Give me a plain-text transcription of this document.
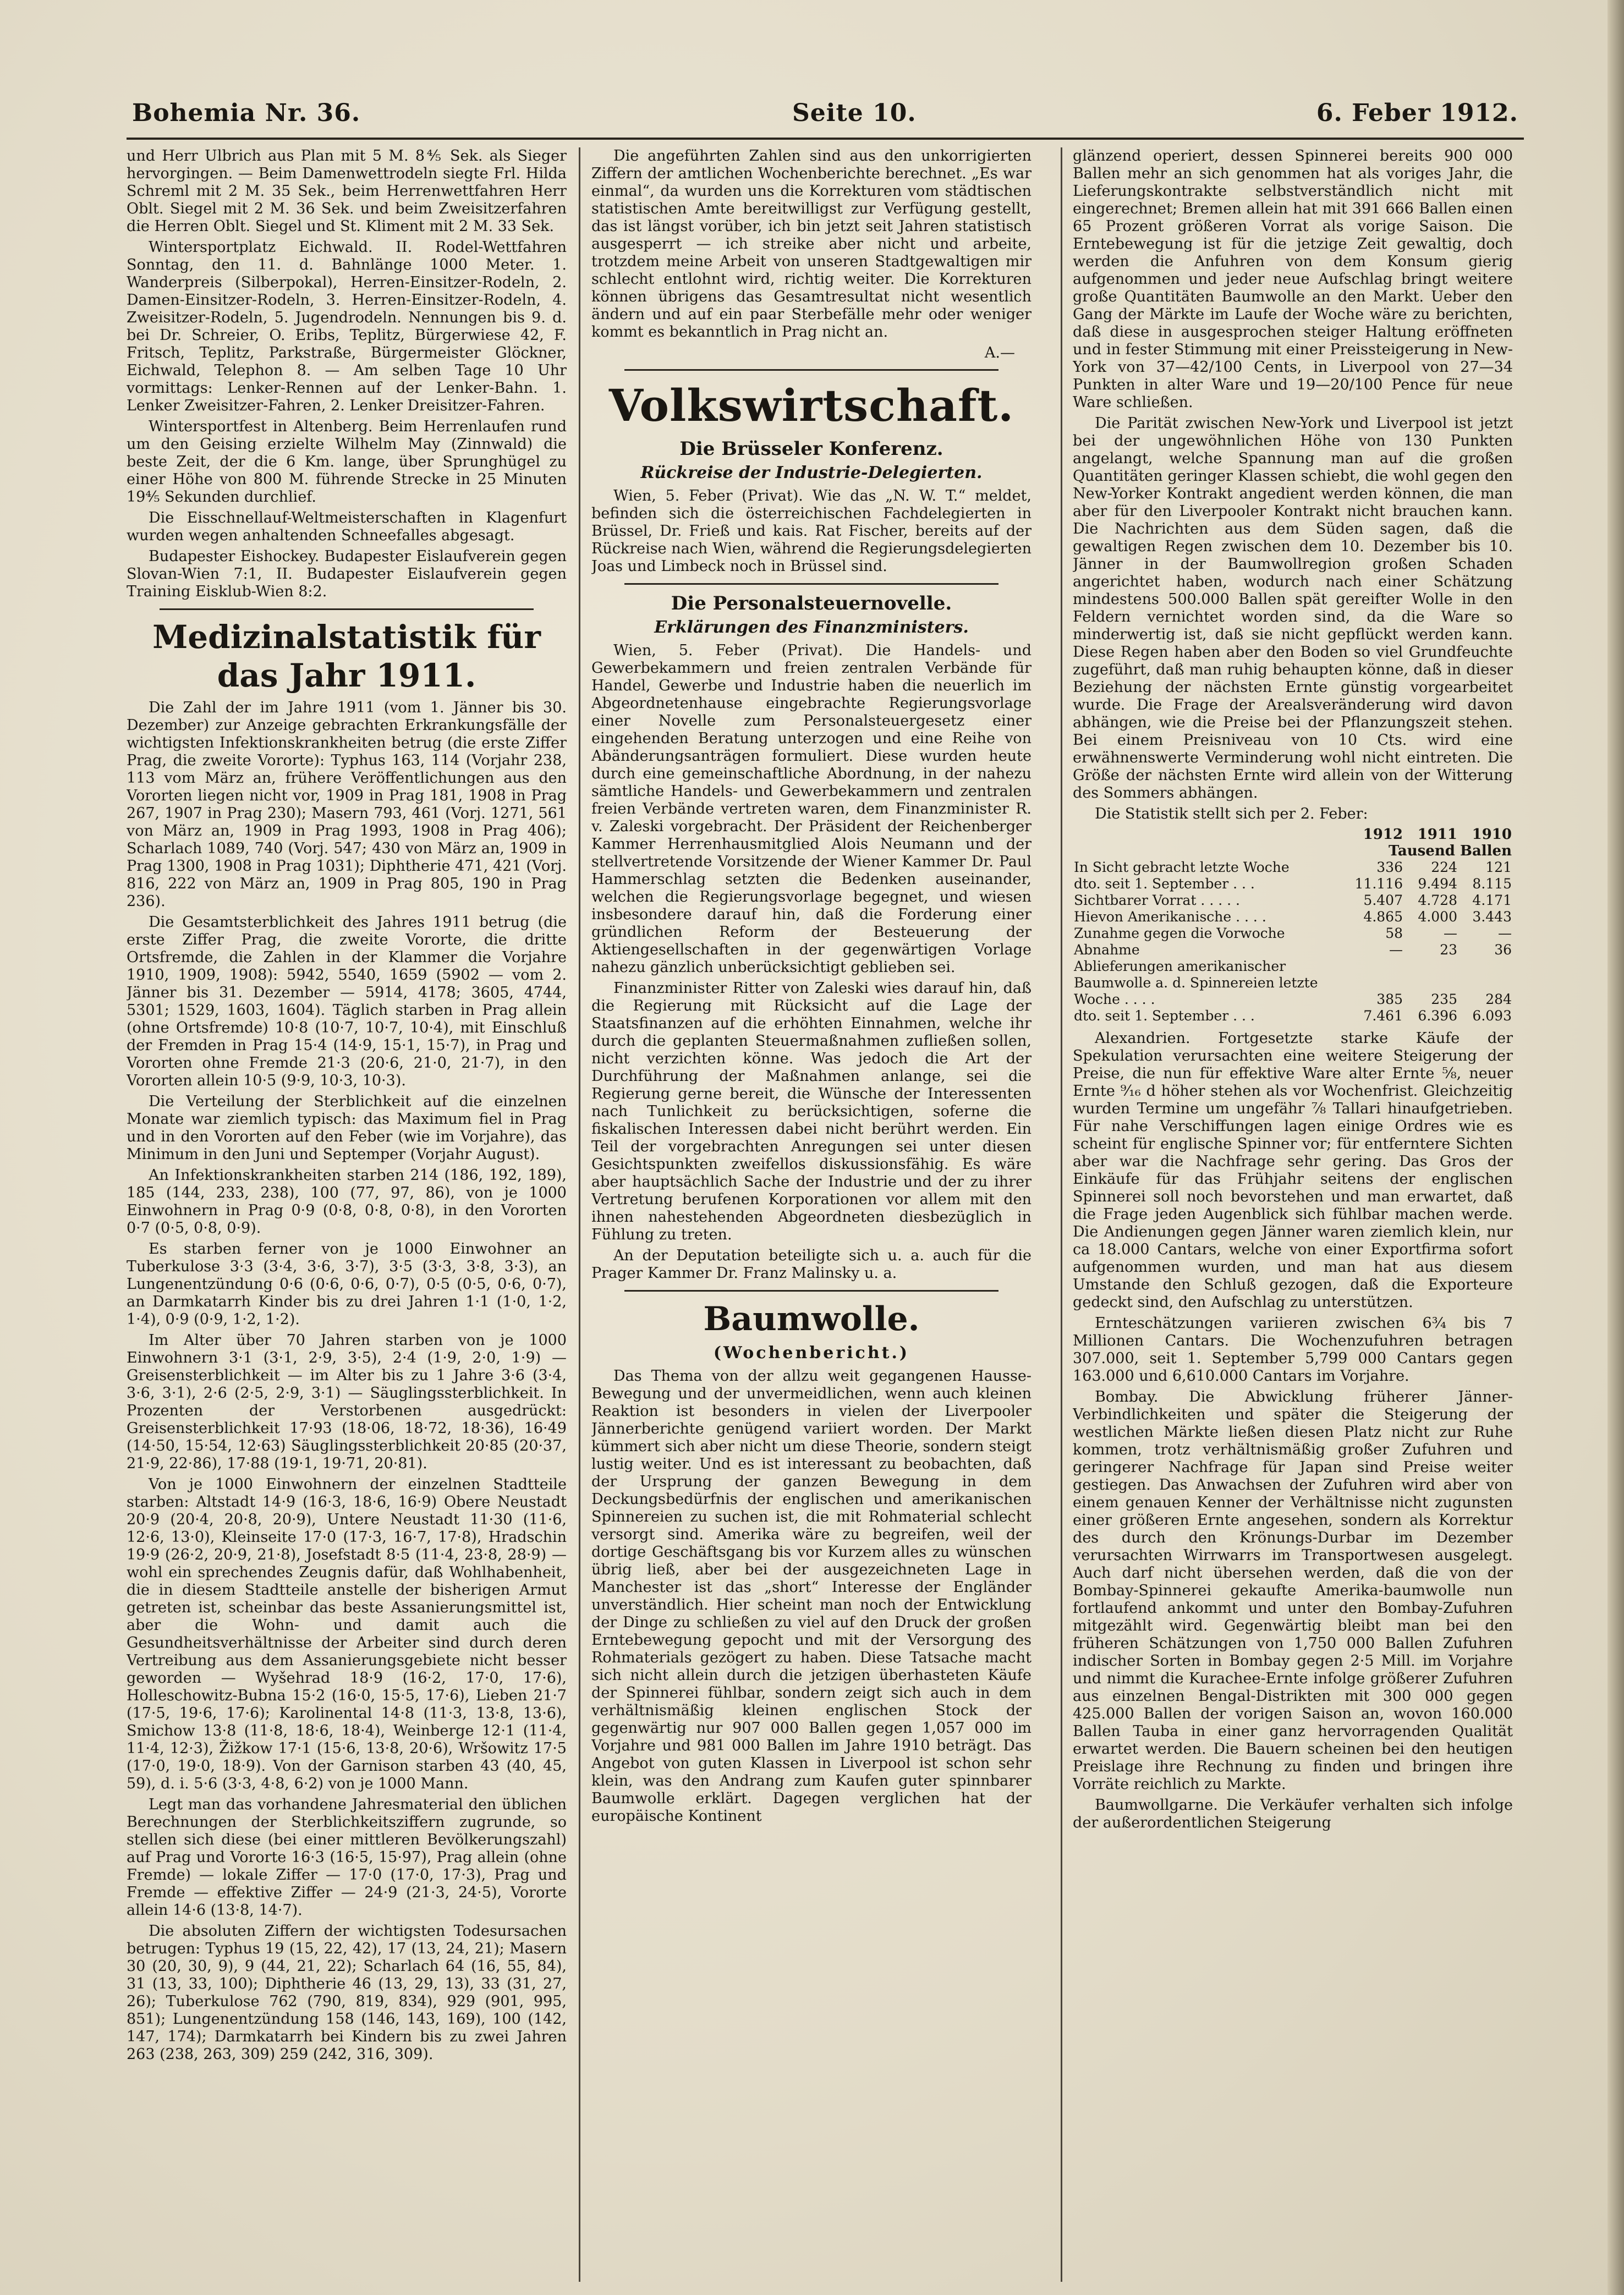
Bohemia Nr. 36.	Seite 10.	6. Feber 1912.

und Herr Ulbrich aus Plan mit 5 M. 8⅘ Sek. als Sieger hervorgingen. — Beim Damenwettrodeln siegte Frl. Hilda Schreml mit 2 M. 35 Sek., beim Herrenwettfahren Herr Oblt. Siegel mit 2 M. 36 Sek. und beim Zweisitzerfahren die Herren Oblt. Siegel und St. Kliment mit 2 M. 33 Sek.

Wintersportplatz Eichwald. II. Rodel-Wettfahren Sonntag, den 11. d. Bahnlänge 1000 Meter. 1. Wanderpreis (Silberpokal), Herren-Einsitzer-Rodeln, 2. Damen-Einsitzer-Rodeln, 3. Herren-Einsitzer-Rodeln, 4. Zweisitzer-Rodeln, 5. Jugendrodeln. Nennungen bis 9. d. bei Dr. Schreier, O. Eribs, Teplitz, Bürgerwiese 42, F. Fritsch, Teplitz, Parkstraße, Bürgermeister Glöckner, Eichwald, Telephon 8. — Am selben Tage 10 Uhr vormittags: Lenker-Rennen auf der Lenker-Bahn. 1. Lenker Zweisitzer-Fahren, 2. Lenker Dreisitzer-Fahren.

Wintersportfest in Altenberg. Beim Herrenlaufen rund um den Geising erzielte Wilhelm May (Zinnwald) die beste Zeit, der die 6 Km. lange, über Sprunghügel zu einer Höhe von 800 M. führende Strecke in 25 Minuten 19⅘ Sekunden durchlief.

Die Eisschnellauf-Weltmeisterschaften in Klagenfurt wurden wegen anhaltenden Schneefalles abgesagt.

Budapester Eishockey. Budapester Eislaufverein gegen Slovan-Wien 7:1, II. Budapester Eislaufverein gegen Training Eisklub-Wien 8:2.

Medizinalstatistik für das Jahr 1911.

Die Zahl der im Jahre 1911 (vom 1. Jänner bis 30. Dezember) zur Anzeige gebrachten Erkrankungsfälle der wichtigsten Infektionskrankheiten betrug (die erste Ziffer Prag, die zweite Vororte): Typhus 163, 114 (Vorjahr 238, 113 vom März an, frühere Veröffentlichungen aus den Vororten liegen nicht vor, 1909 in Prag 181, 1908 in Prag 267, 1907 in Prag 230); Masern 793, 461 (Vorj. 1271, 561 von März an, 1909 in Prag 1993, 1908 in Prag 406); Scharlach 1089, 740 (Vorj. 547; 430 von März an, 1909 in Prag 1300, 1908 in Prag 1031); Diphtherie 471, 421 (Vorj. 816, 222 von März an, 1909 in Prag 805, 190 in Prag 236).

Die Gesamtsterblichkeit des Jahres 1911 betrug (die erste Ziffer Prag, die zweite Vororte, die dritte Ortsfremde, die Zahlen in der Klammer die Vorjahre 1910, 1909, 1908): 5942, 5540, 1659 (5902 — vom 2. Jänner bis 31. Dezember — 5914, 4178; 3605, 4744, 5301; 1529, 1603, 1604). Täglich starben in Prag allein (ohne Ortsfremde) 10·8 (10·7, 10·7, 10·4), mit Einschluß der Fremden in Prag 15·4 (14·9, 15·1, 15·7), in Prag und Vororten ohne Fremde 21·3 (20·6, 21·0, 21·7), in den Vororten allein 10·5 (9·9, 10·3, 10·3).

Die Verteilung der Sterblichkeit auf die einzelnen Monate war ziemlich typisch: das Maximum fiel in Prag und in den Vororten auf den Feber (wie im Vorjahre), das Minimum in den Juni und Septemper (Vorjahr August).

An Infektionskrankheiten starben 214 (186, 192, 189), 185 (144, 233, 238), 100 (77, 97, 86), von je 1000 Einwohnern in Prag 0·9 (0·8, 0·8, 0·8), in den Vororten 0·7 (0·5, 0·8, 0·9).

Es starben ferner von je 1000 Einwohner an Tuberkulose 3·3 (3·4, 3·6, 3·7), 3·5 (3·3, 3·8, 3·3), an Lungenentzündung 0·6 (0·6, 0·6, 0·7), 0·5 (0·5, 0·6, 0·7), an Darmkatarrh Kinder bis zu drei Jahren 1·1 (1·0, 1·2, 1·4), 0·9 (0·9, 1·2, 1·2).

Im Alter über 70 Jahren starben von je 1000 Einwohnern 3·1 (3·1, 2·9, 3·5), 2·4 (1·9, 2·0, 1·9) — Greisensterblichkeit — im Alter bis zu 1 Jahre 3·6 (3·4, 3·6, 3·1), 2·6 (2·5, 2·9, 3·1) — Säuglingssterblichkeit. In Prozenten der Verstorbenen ausgedrückt: Greisensterblichkeit 17·93 (18·06, 18·72, 18·36), 16·49 (14·50, 15·54, 12·63) Säuglingssterblichkeit 20·85 (20·37, 21·9, 22·86), 17·88 (19·1, 19·71, 20·81).

Von je 1000 Einwohnern der einzelnen Stadtteile starben: Altstadt 14·9 (16·3, 18·6, 16·9) Obere Neustadt 20·9 (20·4, 20·8, 20·9), Untere Neustadt 11·30 (11·6, 12·6, 13·0), Kleinseite 17·0 (17·3, 16·7, 17·8), Hradschin 19·9 (26·2, 20·9, 21·8), Josefstadt 8·5 (11·4, 23·8, 28·9) — wohl ein sprechendes Zeugnis dafür, daß Wohlhabenheit, die in diesem Stadtteile anstelle der bisherigen Armut getreten ist, scheinbar das beste Assanierungsmittel ist, aber die Wohn- und damit auch die Gesundheitsverhältnisse der Arbeiter sind durch deren Vertreibung aus dem Assanierungsgebiete nicht besser geworden — Wyšehrad 18·9 (16·2, 17·0, 17·6), Holleschowitz-Bubna 15·2 (16·0, 15·5, 17·6), Lieben 21·7 (17·5, 19·6, 17·6); Karolinental 14·8 (11·3, 13·8, 13·6), Smichow 13·8 (11·8, 18·6, 18·4), Weinberge 12·1 (11·4, 11·4, 12·3), Žižkow 17·1 (15·6, 13·8, 20·6), Wršowitz 17·5 (17·0, 19·0, 18·9). Von der Garnison starben 43 (40, 45, 59), d. i. 5·6 (3·3, 4·8, 6·2) von je 1000 Mann.

Legt man das vorhandene Jahresmaterial den üblichen Berechnungen der Sterblichkeitsziffern zugrunde, so stellen sich diese (bei einer mittleren Bevölkerungszahl) auf Prag und Vororte 16·3 (16·5, 15·97), Prag allein (ohne Fremde) — lokale Ziffer — 17·0 (17·0, 17·3), Prag und Fremde — effektive Ziffer — 24·9 (21·3, 24·5), Vororte allein 14·6 (13·8, 14·7).

Die absoluten Ziffern der wichtigsten Todesursachen betrugen: Typhus 19 (15, 22, 42), 17 (13, 24, 21); Masern 30 (20, 30, 9), 9 (44, 21, 22); Scharlach 64 (16, 55, 84), 31 (13, 33, 100); Diphtherie 46 (13, 29, 13), 33 (31, 27, 26); Tuberkulose 762 (790, 819, 834), 929 (901, 995, 851); Lungenentzündung 158 (146, 143, 169), 100 (142, 147, 174); Darmkatarrh bei Kindern bis zu zwei Jahren 263 (238, 263, 309) 259 (242, 316, 309).

Die angeführten Zahlen sind aus den unkorrigierten Ziffern der amtlichen Wochenberichte berechnet. „Es war einmal“, da wurden uns die Korrekturen vom städtischen statistischen Amte bereitwilligst zur Verfügung gestellt, das ist längst vorüber, ich bin jetzt seit Jahren statistisch ausgesperrt — ich streike aber nicht und arbeite, trotzdem meine Arbeit von unseren Stadtgewaltigen mir schlecht entlohnt wird, richtig weiter. Die Korrekturen können übrigens das Gesamtresultat nicht wesentlich ändern und auf ein paar Sterbefälle mehr oder weniger kommt es bekanntlich in Prag nicht an.

A.—
Volkswirtschaft.
Die Brüsseler Konferenz.
Rückreise der Industrie-Delegierten.

Wien, 5. Feber (Privat). Wie das „N. W. T.“ meldet, befinden sich die österreichischen Fachdelegierten in Brüssel, Dr. Frieß und kais. Rat Fischer, bereits auf der Rückreise nach Wien, während die Regierungsdelegierten Joas und Limbeck noch in Brüssel sind.

Die Personalsteuernovelle.
Erklärungen des Finanzministers.

Wien, 5. Feber (Privat). Die Handels- und Gewerbekammern und freien zentralen Verbände für Handel, Gewerbe und Industrie haben die neuerlich im Abgeordnetenhause eingebrachte Regierungsvorlage einer Novelle zum Personalsteuergesetz einer eingehenden Beratung unterzogen und eine Reihe von Abänderungsanträgen formuliert. Diese wurden heute durch eine gemeinschaftliche Abordnung, in der nahezu sämtliche Handels- und Gewerbekammern und zentralen freien Verbände vertreten waren, dem Finanzminister R. v. Zaleski vorgebracht. Der Präsident der Reichenberger Kammer Herrenhausmitglied Alois Neumann und der stellvertretende Vorsitzende der Wiener Kammer Dr. Paul Hammerschlag setzten die Bedenken auseinander, welchen die Regierungsvorlage begegnet, und wiesen insbesondere darauf hin, daß die Forderung einer gründlichen Reform der Besteuerung der Aktiengesellschaften in der gegenwärtigen Vorlage nahezu gänzlich unberücksichtigt geblieben sei.

Finanzminister Ritter von Zaleski wies darauf hin, daß die Regierung mit Rücksicht auf die Lage der Staatsfinanzen auf die erhöhten Einnahmen, welche ihr durch die geplanten Steuermaßnahmen zufließen sollen, nicht verzichten könne. Was jedoch die Art der Durchführung der Maßnahmen anlange, sei die Regierung gerne bereit, die Wünsche der Interessenten nach Tunlichkeit zu berücksichtigen, soferne die fiskalischen Interessen dabei nicht berührt werden. Ein Teil der vorgebrachten Anregungen sei unter diesen Gesichtspunkten zweifellos diskussionsfähig. Es wäre aber hauptsächlich Sache der Industrie und der zu ihrer Vertretung berufenen Korporationen vor allem mit den ihnen nahestehenden Abgeordneten diesbezüglich in Fühlung zu treten.

An der Deputation beteiligte sich u. a. auch für die Prager Kammer Dr. Franz Malinsky u. a.

Baumwolle.
(Wochenbericht.)

Das Thema von der allzu weit gegangenen Hausse-Bewegung und der unvermeidlichen, wenn auch kleinen Reaktion ist besonders in vielen der Liverpooler Jännerberichte genügend variiert worden. Der Markt kümmert sich aber nicht um diese Theorie, sondern steigt lustig weiter. Und es ist interessant zu beobachten, daß der Ursprung der ganzen Bewegung in dem Deckungsbedürfnis der englischen und amerikanischen Spinnereien zu suchen ist, die mit Rohmaterial schlecht versorgt sind. Amerika wäre zu begreifen, weil der dortige Geschäftsgang bis vor Kurzem alles zu wünschen übrig ließ, aber bei der ausgezeichneten Lage in Manchester ist das „short“ Interesse der Engländer unverständlich. Hier scheint man noch der Entwicklung der Dinge zu schließen zu viel auf den Druck der großen Erntebewegung gepocht und mit der Versorgung des Rohmaterials gezögert zu haben. Diese Tatsache macht sich nicht allein durch die jetzigen überhasteten Käufe der Spinnerei fühlbar, sondern zeigt sich auch in dem verhältnismäßig kleinen englischen Stock der gegenwärtig nur 907 000 Ballen gegen 1,057 000 im Vorjahre und 981 000 Ballen im Jahre 1910 beträgt. Das Angebot von guten Klassen in Liverpool ist schon sehr klein, was den Andrang zum Kaufen guter spinnbarer Baumwolle erklärt. Dagegen verglichen hat der europäische Kontinent

glänzend operiert, dessen Spinnerei bereits 900 000 Ballen mehr an sich genommen hat als voriges Jahr, die Lieferungskontrakte selbstverständlich nicht mit eingerechnet; Bremen allein hat mit 391 666 Ballen einen 65 Prozent größeren Vorrat als vorige Saison. Die Erntebewegung ist für die jetzige Zeit gewaltig, doch werden die Anfuhren von dem Konsum gierig aufgenommen und jeder neue Aufschlag bringt weitere große Quantitäten Baumwolle an den Markt. Ueber den Gang der Märkte im Laufe der Woche wäre zu berichten, daß diese in ausgesprochen steiger Haltung eröffneten und in fester Stimmung mit einer Preissteigerung in New-York von 37—42/100 Cents, in Liverpool von 27—34 Punkten in alter Ware und 19—20/100 Pence für neue Ware schließen.

Die Parität zwischen New-York und Liverpool ist jetzt bei der ungewöhnlichen Höhe von 130 Punkten angelangt, welche Spannung man auf die großen Quantitäten geringer Klassen schiebt, die wohl gegen den New-Yorker Kontrakt angedient werden können, die man aber für den Liverpooler Kontrakt nicht brauchen kann. Die Nachrichten aus dem Süden sagen, daß die gewaltigen Regen zwischen dem 10. Dezember bis 10. Jänner in der Baumwollregion großen Schaden angerichtet haben, wodurch nach einer Schätzung mindestens 500.000 Ballen spät gereifter Wolle in den Feldern vernichtet worden sind, da die Ware so minderwertig ist, daß sie nicht gepflückt werden kann. Diese Regen haben aber den Boden so viel Grundfeuchte zugeführt, daß man ruhig behaupten könne, daß in dieser Beziehung der nächsten Ernte günstig vorgearbeitet wurde. Die Frage der Arealsveränderung wird davon abhängen, wie die Preise bei der Pflanzungszeit stehen. Bei einem Preisniveau von 10 Cts. wird eine erwähnenswerte Verminderung wohl nicht eintreten. Die Größe der nächsten Ernte wird allein von der Witterung des Sommers abhängen.

Die Statistik stellt sich per 2. Feber:

	1912	1911	1910
Tausend Ballen			
In Sicht gebracht letzte Woche	336	224	121
dto. seit 1. September . . .	11.116	9.494	8.115
Sichtbarer Vorrat . . . . .	5.407	4.728	4.171
Hievon Amerikanische . . . .	4.865	4.000	3.443
Zunahme gegen die Vorwoche	58	—	—
Abnahme	—	23	36
Ablieferungen amerikanischer Baumwolle a. d. Spinnereien letzte Woche . . . .	385	235	284
dto. seit 1. September . . .	7.461	6.396	6.093

Alexandrien. Fortgesetzte starke Käufe der Spekulation verursachten eine weitere Steigerung der Preise, die nun für effektive Ware alter Ernte ⅝, neuer Ernte ⁹⁄₁₆ d höher stehen als vor Wochenfrist. Gleichzeitig wurden Termine um ungefähr ⅞ Tallari hinaufgetrieben. Für nahe Verschiffungen lagen einige Ordres wie es scheint für englische Spinner vor; für entferntere Sichten aber war die Nachfrage sehr gering. Das Gros der Einkäufe für das Frühjahr seitens der englischen Spinnerei soll noch bevorstehen und man erwartet, daß die Frage jeden Augenblick sich fühlbar machen werde. Die Andienungen gegen Jänner waren ziemlich klein, nur ca 18.000 Cantars, welche von einer Exportfirma sofort aufgenommen wurden, und man hat aus diesem Umstande den Schluß gezogen, daß die Exporteure gedeckt sind, den Aufschlag zu unterstützen.

Ernteschätzungen variieren zwischen 6¾ bis 7 Millionen Cantars. Die Wochenzufuhren betragen 307.000, seit 1. September 5,799 000 Cantars gegen 163.000 und 6,610.000 Cantars im Vorjahre.

Bombay. Die Abwicklung früherer Jänner-Verbindlichkeiten und später die Steigerung der westlichen Märkte ließen diesen Platz nicht zur Ruhe kommen, trotz verhältnismäßig großer Zufuhren und geringerer Nachfrage für Japan sind Preise weiter gestiegen. Das Anwachsen der Zufuhren wird aber von einem genauen Kenner der Verhältnisse nicht zugunsten einer größeren Ernte angesehen, sondern als Korrektur des durch den Krönungs-Durbar im Dezember verursachten Wirrwarrs im Transportwesen ausgelegt. Auch darf nicht übersehen werden, daß die von der Bombay-Spinnerei gekaufte Amerika-baumwolle nun fortlaufend ankommt und unter den Bombay-Zufuhren mitgezählt wird. Gegenwärtig bleibt man bei den früheren Schätzungen von 1,750 000 Ballen Zufuhren indischer Sorten in Bombay gegen 2·5 Mill. im Vorjahre und nimmt die Kurachee-Ernte infolge größerer Zufuhren aus einzelnen Bengal-Distrikten mit 300 000 gegen 425.000 Ballen der vorigen Saison an, wovon 160.000 Ballen Tauba in einer ganz hervorragenden Qualität erwartet werden. Die Bauern scheinen bei den heutigen Preislage ihre Rechnung zu finden und bringen ihre Vorräte reichlich zu Markte.

Baumwollgarne. Die Verkäufer verhalten sich infolge der außerordentlichen Steigerung
